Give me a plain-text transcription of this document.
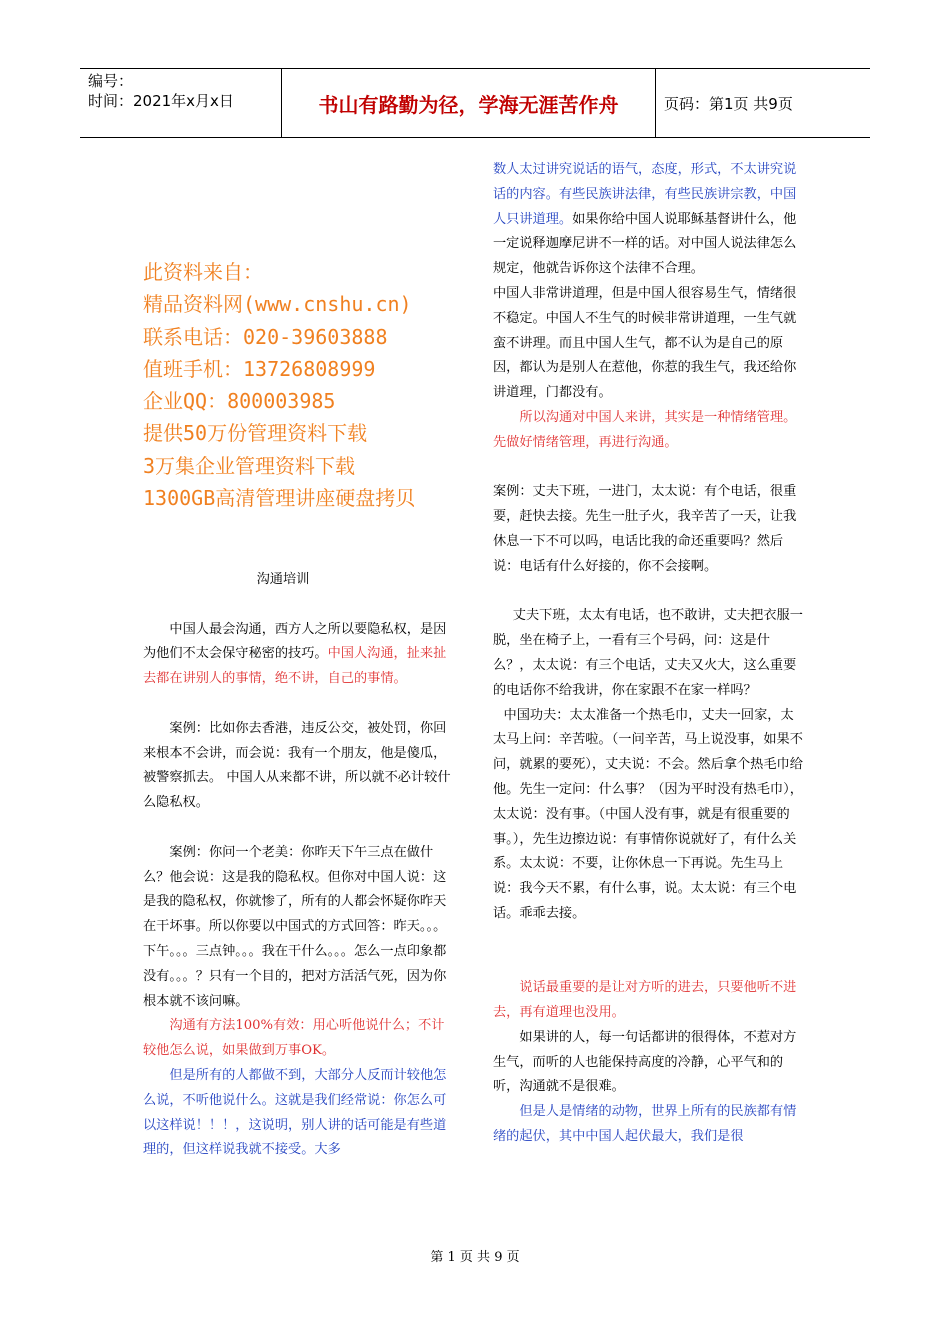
编号：
时间：2021年x月x日	书山有路勤为径，学海无涯苦作舟	页码：第1页 共9页
此资料来自：
精品资料网(www.cnshu.cn)
联系电话：020-39603888
值班手机：13726808999
企业QQ：800003985
提供50万份管理资料下载
3万集企业管理资料下载
1300GB高清管理讲座硬盘拷贝

沟通培训

中国人最会沟通，西方人之所以要隐私权，是因为他们不太会保守秘密的技巧。中国人沟通，扯来扯去都在讲别人的事情，绝不讲，自己的事情。

案例：比如你去香港，违反公交，被处罚，你回来根本不会讲，而会说：我有一个朋友，他是傻瓜，被警察抓去。 中国人从来都不讲，所以就不必计较什么隐私权。

案例：你问一个老美：你昨天下午三点在做什么？他会说：这是我的隐私权。但你对中国人说：这是我的隐私权，你就惨了，所有的人都会怀疑你昨天在干坏事。所以你要以中国式的方式回答：昨天。。。下午。。。三点钟。。。我在干什么。。。怎么一点印象都没有。。。？只有一个目的，把对方活活气死，因为你根本就不该问嘛。

沟通有方法100%有效：用心听他说什么；不计较他怎么说，如果做到万事OK。

但是所有的人都做不到，大部分人反而计较他怎么说，不听他说什么。这就是我们经常说：你怎么可以这样说！！！，这说明，别人讲的话可能是有些道理的，但这样说我就不接受。大多

数人太过讲究说话的语气，态度，形式，不太讲究说话的内容。有些民族讲法律，有些民族讲宗教，中国人只讲道理。如果你给中国人说耶稣基督讲什么，他一定说释迦摩尼讲不一样的话。对中国人说法律怎么规定，他就告诉你这个法律不合理。

中国人非常讲道理，但是中国人很容易生气，情绪很不稳定。中国人不生气的时候非常讲道理，一生气就蛮不讲理。而且中国人生气，都不认为是自己的原因，都认为是别人在惹他，你惹的我生气，我还给你讲道理，门都没有。

所以沟通对中国人来讲，其实是一种情绪管理。先做好情绪管理，再进行沟通。

案例：丈夫下班，一进门，太太说：有个电话，很重要，赶快去接。先生一肚子火，我辛苦了一天，让我休息一下不可以吗，电话比我的命还重要吗？然后说：电话有什么好接的，你不会接啊。

丈夫下班，太太有电话，也不敢讲，丈夫把衣服一脱，坐在椅子上，一看有三个号码，问：这是什么？，太太说：有三个电话，丈夫又火大，这么重要的电话你不给我讲，你在家跟不在家一样吗？

中国功夫：太太准备一个热毛巾，丈夫一回家，太太马上问：辛苦啦。（一问辛苦，马上说没事，如果不问，就累的要死），丈夫说：不会。然后拿个热毛巾给他。先生一定问：什么事？（因为平时没有热毛巾），太太说：没有事。（中国人没有事，就是有很重要的事。），先生边擦边说：有事情你说就好了，有什么关系。太太说：不要，让你休息一下再说。先生马上说：我今天不累，有什么事，说。太太说：有三个电话。乖乖去接。

说话最重要的是让对方听的进去，只要他听不进去，再有道理也没用。

如果讲的人，每一句话都讲的很得体，不惹对方生气，而听的人也能保持高度的冷静，心平气和的听，沟通就不是很难。

但是人是情绪的动物，世界上所有的民族都有情绪的起伏，其中中国人起伏最大，我们是很

第 1 页 共 9 页
